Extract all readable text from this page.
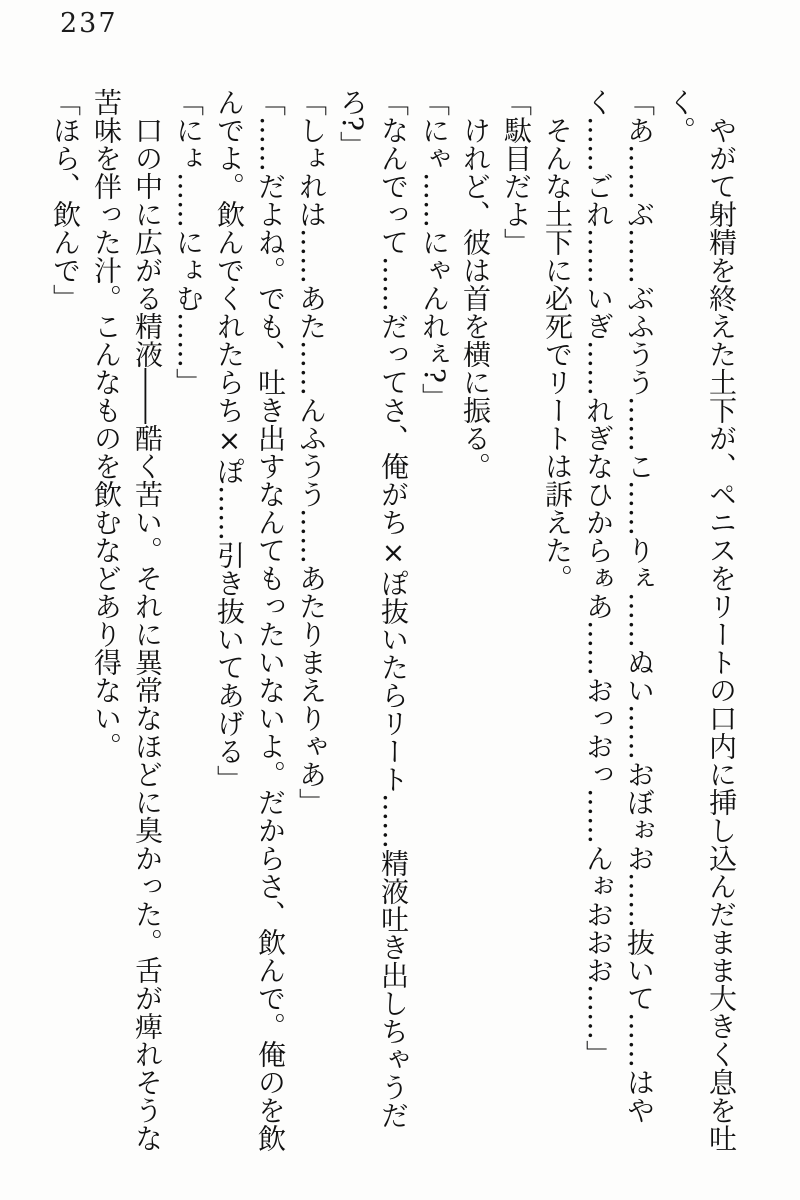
237

やがて射精を終えた土下が、ペニスをリートの口内に挿し込んだまま大きく息を吐く。

「あ……ぶ……ぶふうう……こ……りぇ……ぬい……おぼぉお……抜いて……はやく……ごれ……いぎ……れぎなひからぁあ……おっおっ……んぉおおお……」

そんな土下に必死でリートは訴えた。

「駄目だよ」

けれど、彼は首を横に振る。

「にゃ……にゃんれぇ?」

「なんでって……だってさ、俺がち×ぽ抜いたらリート……精液吐き出しちゃうだろ?」

「しょれは……あた……んふうう……あたりまえりゃあ」

「……だよね。でも、吐き出すなんてもったいないよ。だからさ、飲んで。俺のを飲んでよ。飲んでくれたらち×ぽ……引き抜いてあげる」

「にょ……にょむ……」

口の中に広がる精液――酷く苦い。それに異常なほどに臭かった。舌が痺れそうな苦味を伴った汁。こんなものを飲むなどあり得ない。

「ほら、飲んで」
